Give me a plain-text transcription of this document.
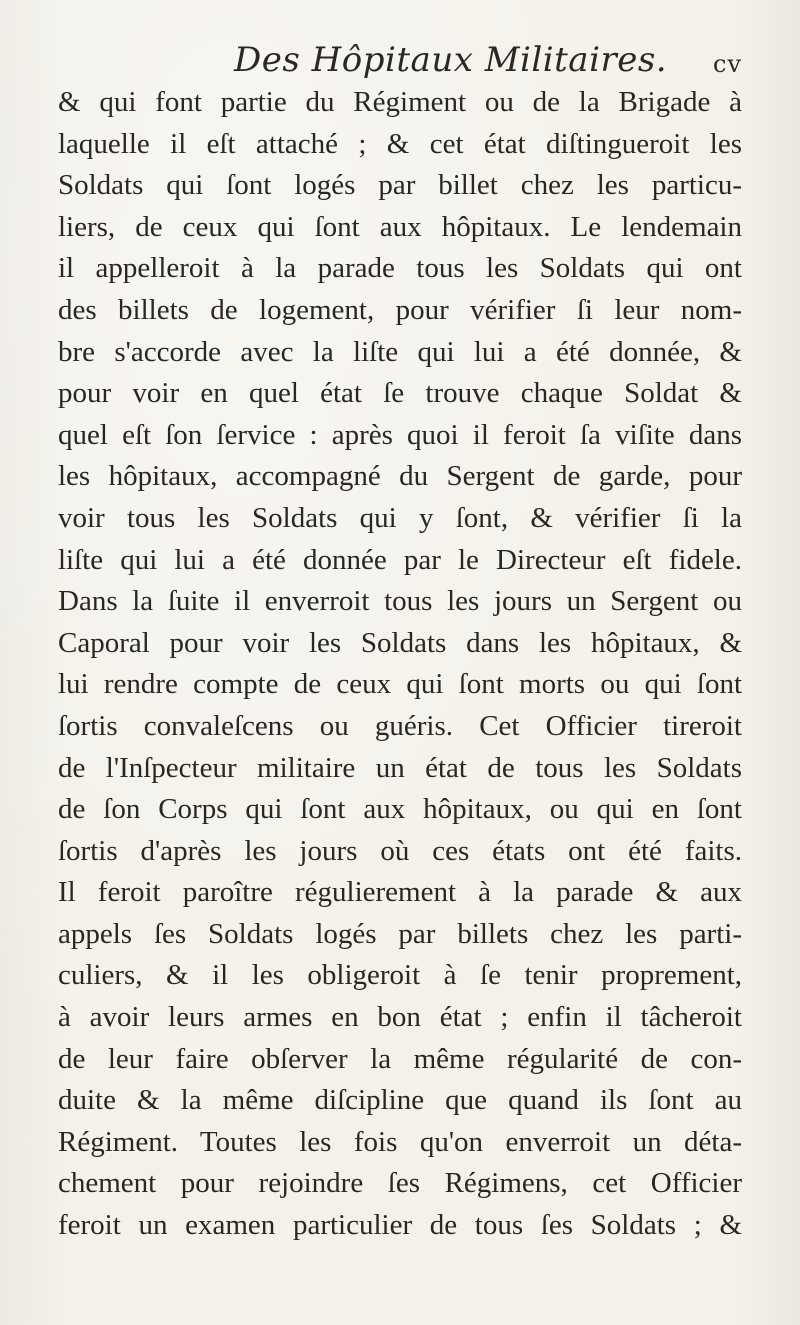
Des Hôpitaux Militaires. cv
& qui font partie du Régiment ou de la Brigade à
laquelle il eſt attaché ; & cet état diſtingueroit les
Soldats qui ſont logés par billet chez les particu-
liers, de ceux qui ſont aux hôpitaux. Le lendemain
il appelleroit à la parade tous les Soldats qui ont
des billets de logement, pour vérifier ſi leur nom-
bre s'accorde avec la liſte qui lui a été donnée, &
pour voir en quel état ſe trouve chaque Soldat &
quel eſt ſon ſervice : après quoi il feroit ſa viſite dans
les hôpitaux, accompagné du Sergent de garde, pour
voir tous les Soldats qui y ſont, & vérifier ſi la
liſte qui lui a été donnée par le Directeur eſt fidele.
Dans la ſuite il enverroit tous les jours un Sergent ou
Caporal pour voir les Soldats dans les hôpitaux, &
lui rendre compte de ceux qui ſont morts ou qui ſont
ſortis convaleſcens ou guéris. Cet Officier tireroit
de l'Inſpecteur militaire un état de tous les Soldats
de ſon Corps qui ſont aux hôpitaux, ou qui en ſont
ſortis d'après les jours où ces états ont été faits.
Il feroit paroître régulierement à la parade & aux
appels ſes Soldats logés par billets chez les parti-
culiers, & il les obligeroit à ſe tenir proprement,
à avoir leurs armes en bon état ; enfin il tâcheroit
de leur faire obſerver la même régularité de con-
duite & la même diſcipline que quand ils ſont au
Régiment. Toutes les fois qu'on enverroit un déta-
chement pour rejoindre ſes Régimens, cet Officier
feroit un examen particulier de tous ſes Soldats ; &
